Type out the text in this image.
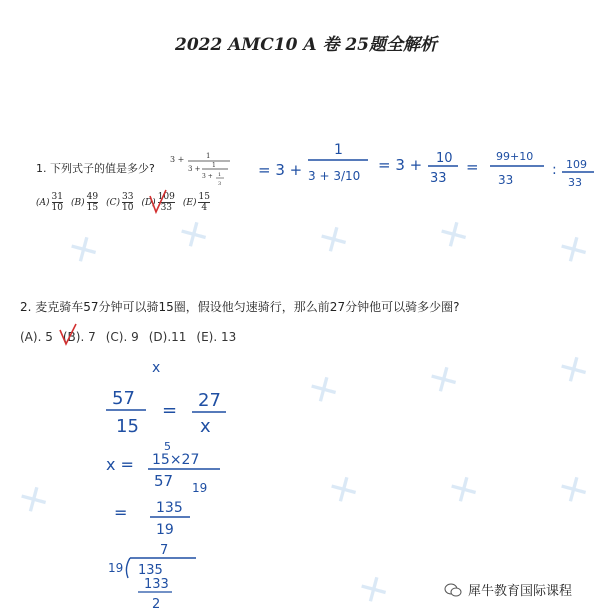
✕ ✕	✕ ✕ ✕
✕ ✕ ✕
✕	✕ ✕ ✕
✕
2022 AMC10 A 卷 25题全解析
1. 下列式子的值是多少?
3 +	1
3 + 1
3 + 1
3
$(A) \frac{31}{10} (B) \frac{49}{15} (C) \frac{33}{10} (D) \frac{109}{33} (E) \frac{15}{4}$
2. 麦克骑车57分钟可以骑15圈，假设他匀速骑行，那么前27分钟他可以骑多少圈?
(A). 5 (B). 7 (C). 9 (D).11 (E). 13
= 3 +
1
3 + 3/10
= 3 + 10
33
=
99+10
33
: 109
33
x
57
15
= 27
x
x =
5
15×27
57 19
= 135
19
7
19 135
133
2
犀牛教育国际课程
